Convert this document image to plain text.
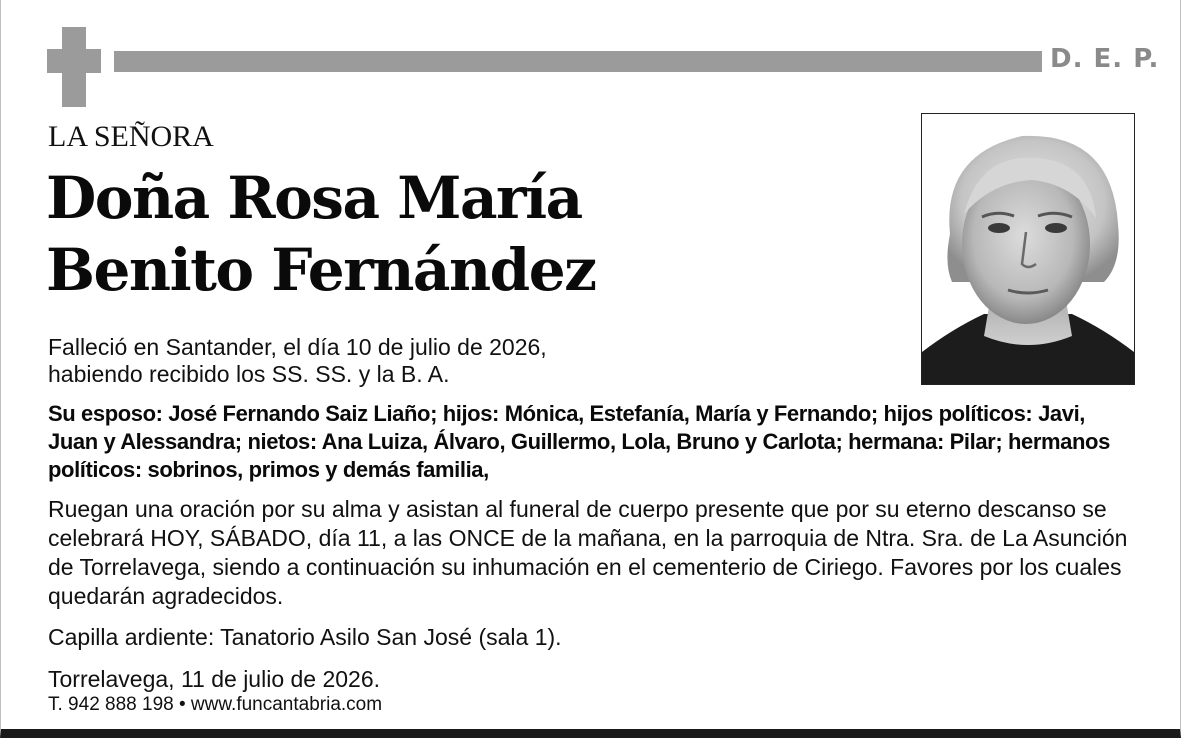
D. E. P.
LA SEÑORA
Doña Rosa María
Benito Fernández
Falleció en Santander, el día 10 de julio de 2026,
habiendo recibido los SS. SS. y la B. A.
Su esposo: José Fernando Saiz Liaño; hijos: Mónica, Estefanía, María y Fernando; hijos políticos: Javi, Juan y Alessandra; nietos: Ana Luiza, Álvaro, Guillermo, Lola, Bruno y Carlota; hermana: Pilar; hermanos políticos: sobrinos, primos y demás familia,
Ruegan una oración por su alma y asistan al funeral de cuerpo presente que por su eterno descanso se celebrará HOY, SÁBADO, día 11, a las ONCE de la mañana, en la parroquia de Ntra. Sra. de La Asunción de Torrelavega, siendo a continuación su inhumación en el cementerio de Ciriego. Favores por los cuales quedarán agradecidos.
Capilla ardiente: Tanatorio Asilo San José (sala 1).
Torrelavega, 11 de julio de 2026.
T. 942 888 198 • www.funcantabria.com
